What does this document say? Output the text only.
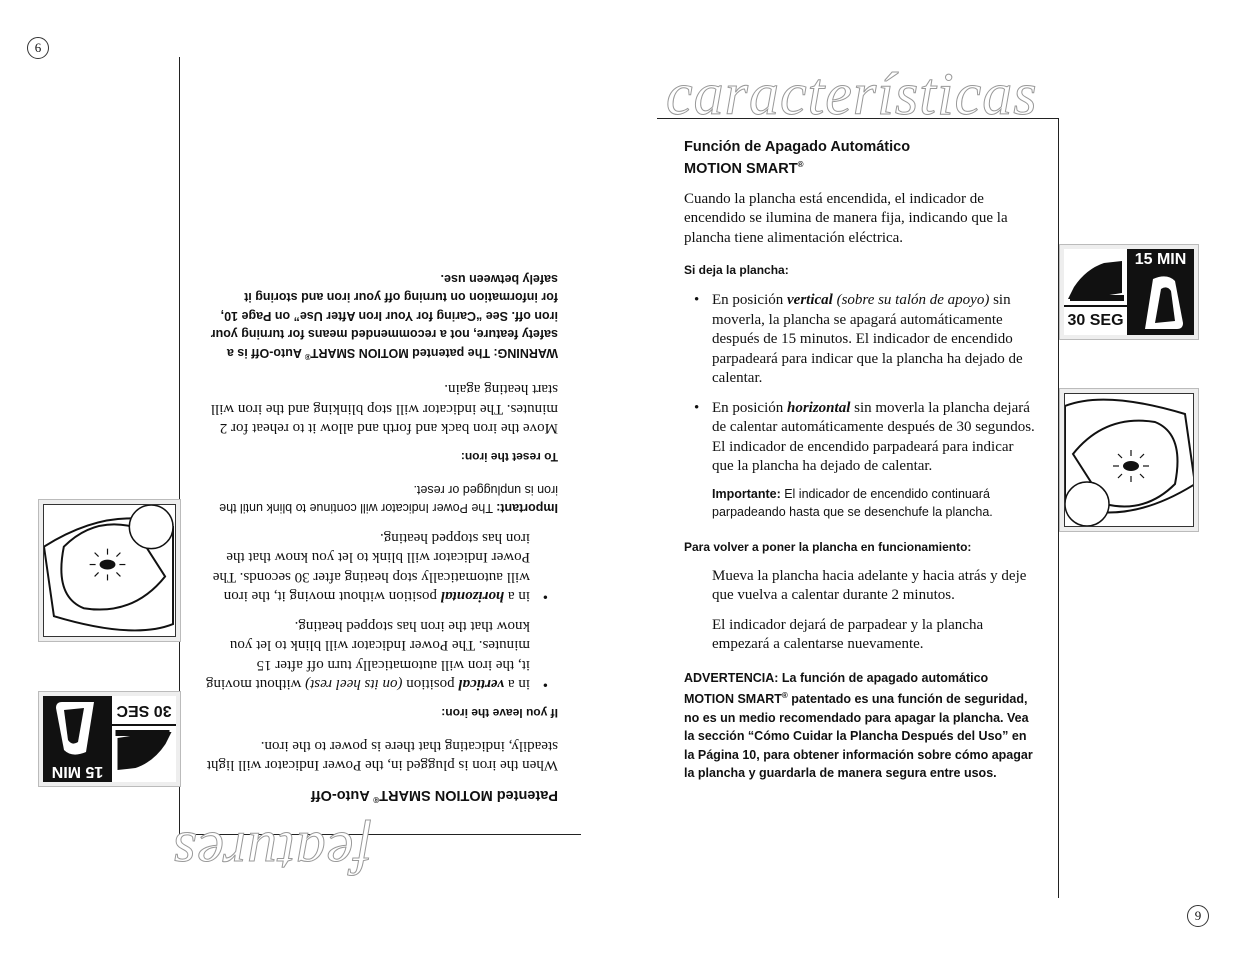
6
9
características
features
Función de Apagado Automático
MOTION SMART®
Cuando la plancha está encendida, el indicador de encendido se ilumina de manera fija, indicando que la plancha tiene alimentación eléctrica.
Si deja la plancha:
• En posición vertical (sobre su talón de apoyo) sin moverla, la plancha se apagará automáticamente después de 15 minutos. El indicador de encendido parpadeará para indicar que la plancha ha dejado de calentar.
• En posición horizontal sin moverla la plancha dejará de calentar automáticamente después de 30 segundos. El indicador de encendido parpadeará para indicar que la plancha ha dejado de calentar.
Importante: El indicador de encendido continuará parpadeando hasta que se desenchufe la plancha.
Para volver a poner la plancha en funcionamiento:
Mueva la plancha hacia adelante y hacia atrás y deje que vuelva a calentar durante 2 minutos.
El indicador dejará de parpadear y la plancha empezará a calentarse nuevamente.
ADVERTENCIA: La función de apagado automático
MOTION SMART® patentado es una función de seguridad, no es un medio recomendado para apagar la plancha. Vea la sección “Cómo Cuidar la Plancha Después del Uso” en la Página 10, para obtener información sobre cómo apagar la plancha y guardarla de manera segura entre usos.
30 SEG
15 MIN
Patented MOTION SMART® Auto-Off
When the iron is plugged in, the Power Indicator will light steadily, indicating that there is power to the iron.
If you leave the iron:
• in a vertical position (on its heel rest) without moving it, the iron will automatically turn off after 15 minutes. The Power Indicator will blink to let you know that the iron has stopped heating.
• in a horizontal position without moving it, the iron will automatically stop heating after 30 seconds. The Power Indicator will blink to let you know that the iron has stopped heating.
Important: The Power Indicator will continue to blink until the iron is unplugged or reset.
To reset the iron:
Move the iron back and forth and allow it to reheat for 2 minutes. The indicator will stop blinking and the iron will start heating again.
WARNING: The patented MOTION SMART® Auto-Off is a safety feature, not a recommended means for turning your iron off. See “Caring for Your Iron After Use” on Page 10, for information on turning off your iron and storing it safely between use.
30 SEC
15 MIN
